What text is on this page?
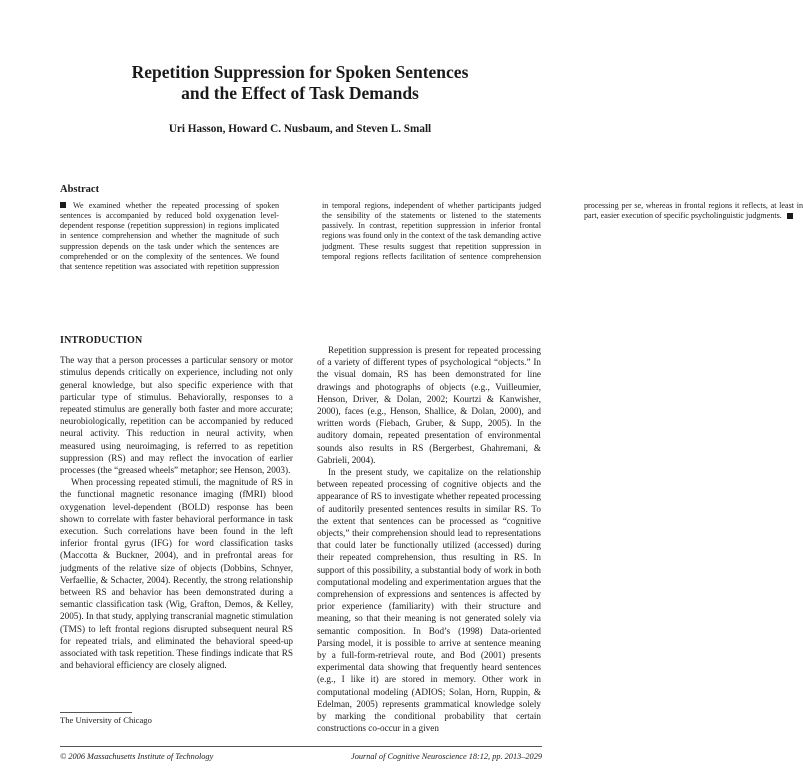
Repetition Suppression for Spoken Sentences
and the Effect of Task Demands
Uri Hasson, Howard C. Nusbaum, and Steven L. Small
Abstract
We examined whether the repeated processing of spoken sentences is accompanied by reduced bold oxygenation level-dependent response (repetition suppression) in regions implicated in sentence comprehension and whether the magnitude of such suppression depends on the task under which the sentences are comprehended or on the complexity of the sentences. We found that sentence repetition was associated with repetition suppression in temporal regions, independent of whether participants judged the sensibility of the statements or listened to the statements passively. In contrast, repetition suppression in inferior frontal regions was found only in the context of the task demanding active judgment. These results suggest that repetition suppression in temporal regions reflects facilitation of sentence comprehension processing per se, whereas in frontal regions it reflects, at least in part, easier execution of specific psycholinguistic judgments.
INTRODUCTION

The way that a person processes a particular sensory or motor stimulus depends critically on experience, including not only general knowledge, but also specific experience with that particular type of stimulus. Behaviorally, responses to a repeated stimulus are generally both faster and more accurate; neurobiologically, repetition can be accompanied by reduced neural activity. This reduction in neural activity, when measured using neuroimaging, is referred to as repetition suppression (RS) and may reflect the invocation of earlier processes (the “greased wheels” metaphor; see Henson, 2003).

When processing repeated stimuli, the magnitude of RS in the functional magnetic resonance imaging (fMRI) blood oxygenation level-dependent (BOLD) response has been shown to correlate with faster behavioral performance in task execution. Such correlations have been found in the left inferior frontal gyrus (IFG) for word classification tasks (Maccotta & Buckner, 2004), and in prefrontal areas for judgments of the relative size of objects (Dobbins, Schnyer, Verfaellie, & Schacter, 2004). Recently, the strong relationship between RS and behavior has been demonstrated during a semantic classification task (Wig, Grafton, Demos, & Kelley, 2005). In that study, applying transcranial magnetic stimulation (TMS) to left frontal regions disrupted subsequent neural RS for repeated trials, and eliminated the behavioral speed-up associated with task repetition. These findings indicate that RS and behavioral efficiency are closely aligned.

Repetition suppression is present for repeated processing of a variety of different types of psychological “objects.” In the visual domain, RS has been demonstrated for line drawings and photographs of objects (e.g., Vuilleumier, Henson, Driver, & Dolan, 2002; Kourtzi & Kanwisher, 2000), faces (e.g., Henson, Shallice, & Dolan, 2000), and written words (Fiebach, Gruber, & Supp, 2005). In the auditory domain, repeated presentation of environmental sounds also results in RS (Bergerbest, Ghahremani, & Gabrieli, 2004).

In the present study, we capitalize on the relationship between repeated processing of cognitive objects and the appearance of RS to investigate whether repeated processing of auditorily presented sentences results in similar RS. To the extent that sentences can be processed as “cognitive objects,” their comprehension should lead to representations that could later be functionally utilized (accessed) during their repeated comprehension, thus resulting in RS. In support of this possibility, a substantial body of work in both computational modeling and experimentation argues that the comprehension of expressions and sentences is affected by prior experience (familiarity) with their structure and meaning, so that their meaning is not generated solely via semantic composition. In Bod’s (1998) Data-oriented Parsing model, it is possible to arrive at sentence meaning by a full-form-retrieval route, and Bod (2001) presents experimental data showing that frequently heard sentences (e.g., I like it) are stored in memory. Other work in computational modeling (ADIOS; Solan, Horn, Ruppin, & Edelman, 2005) represents grammatical knowledge solely by marking the conditional probability that certain constructions co-occur in a given

The University of Chicago
© 2006 Massachusetts Institute of Technology	Journal of Cognitive Neuroscience 18:12, pp. 2013–2029
